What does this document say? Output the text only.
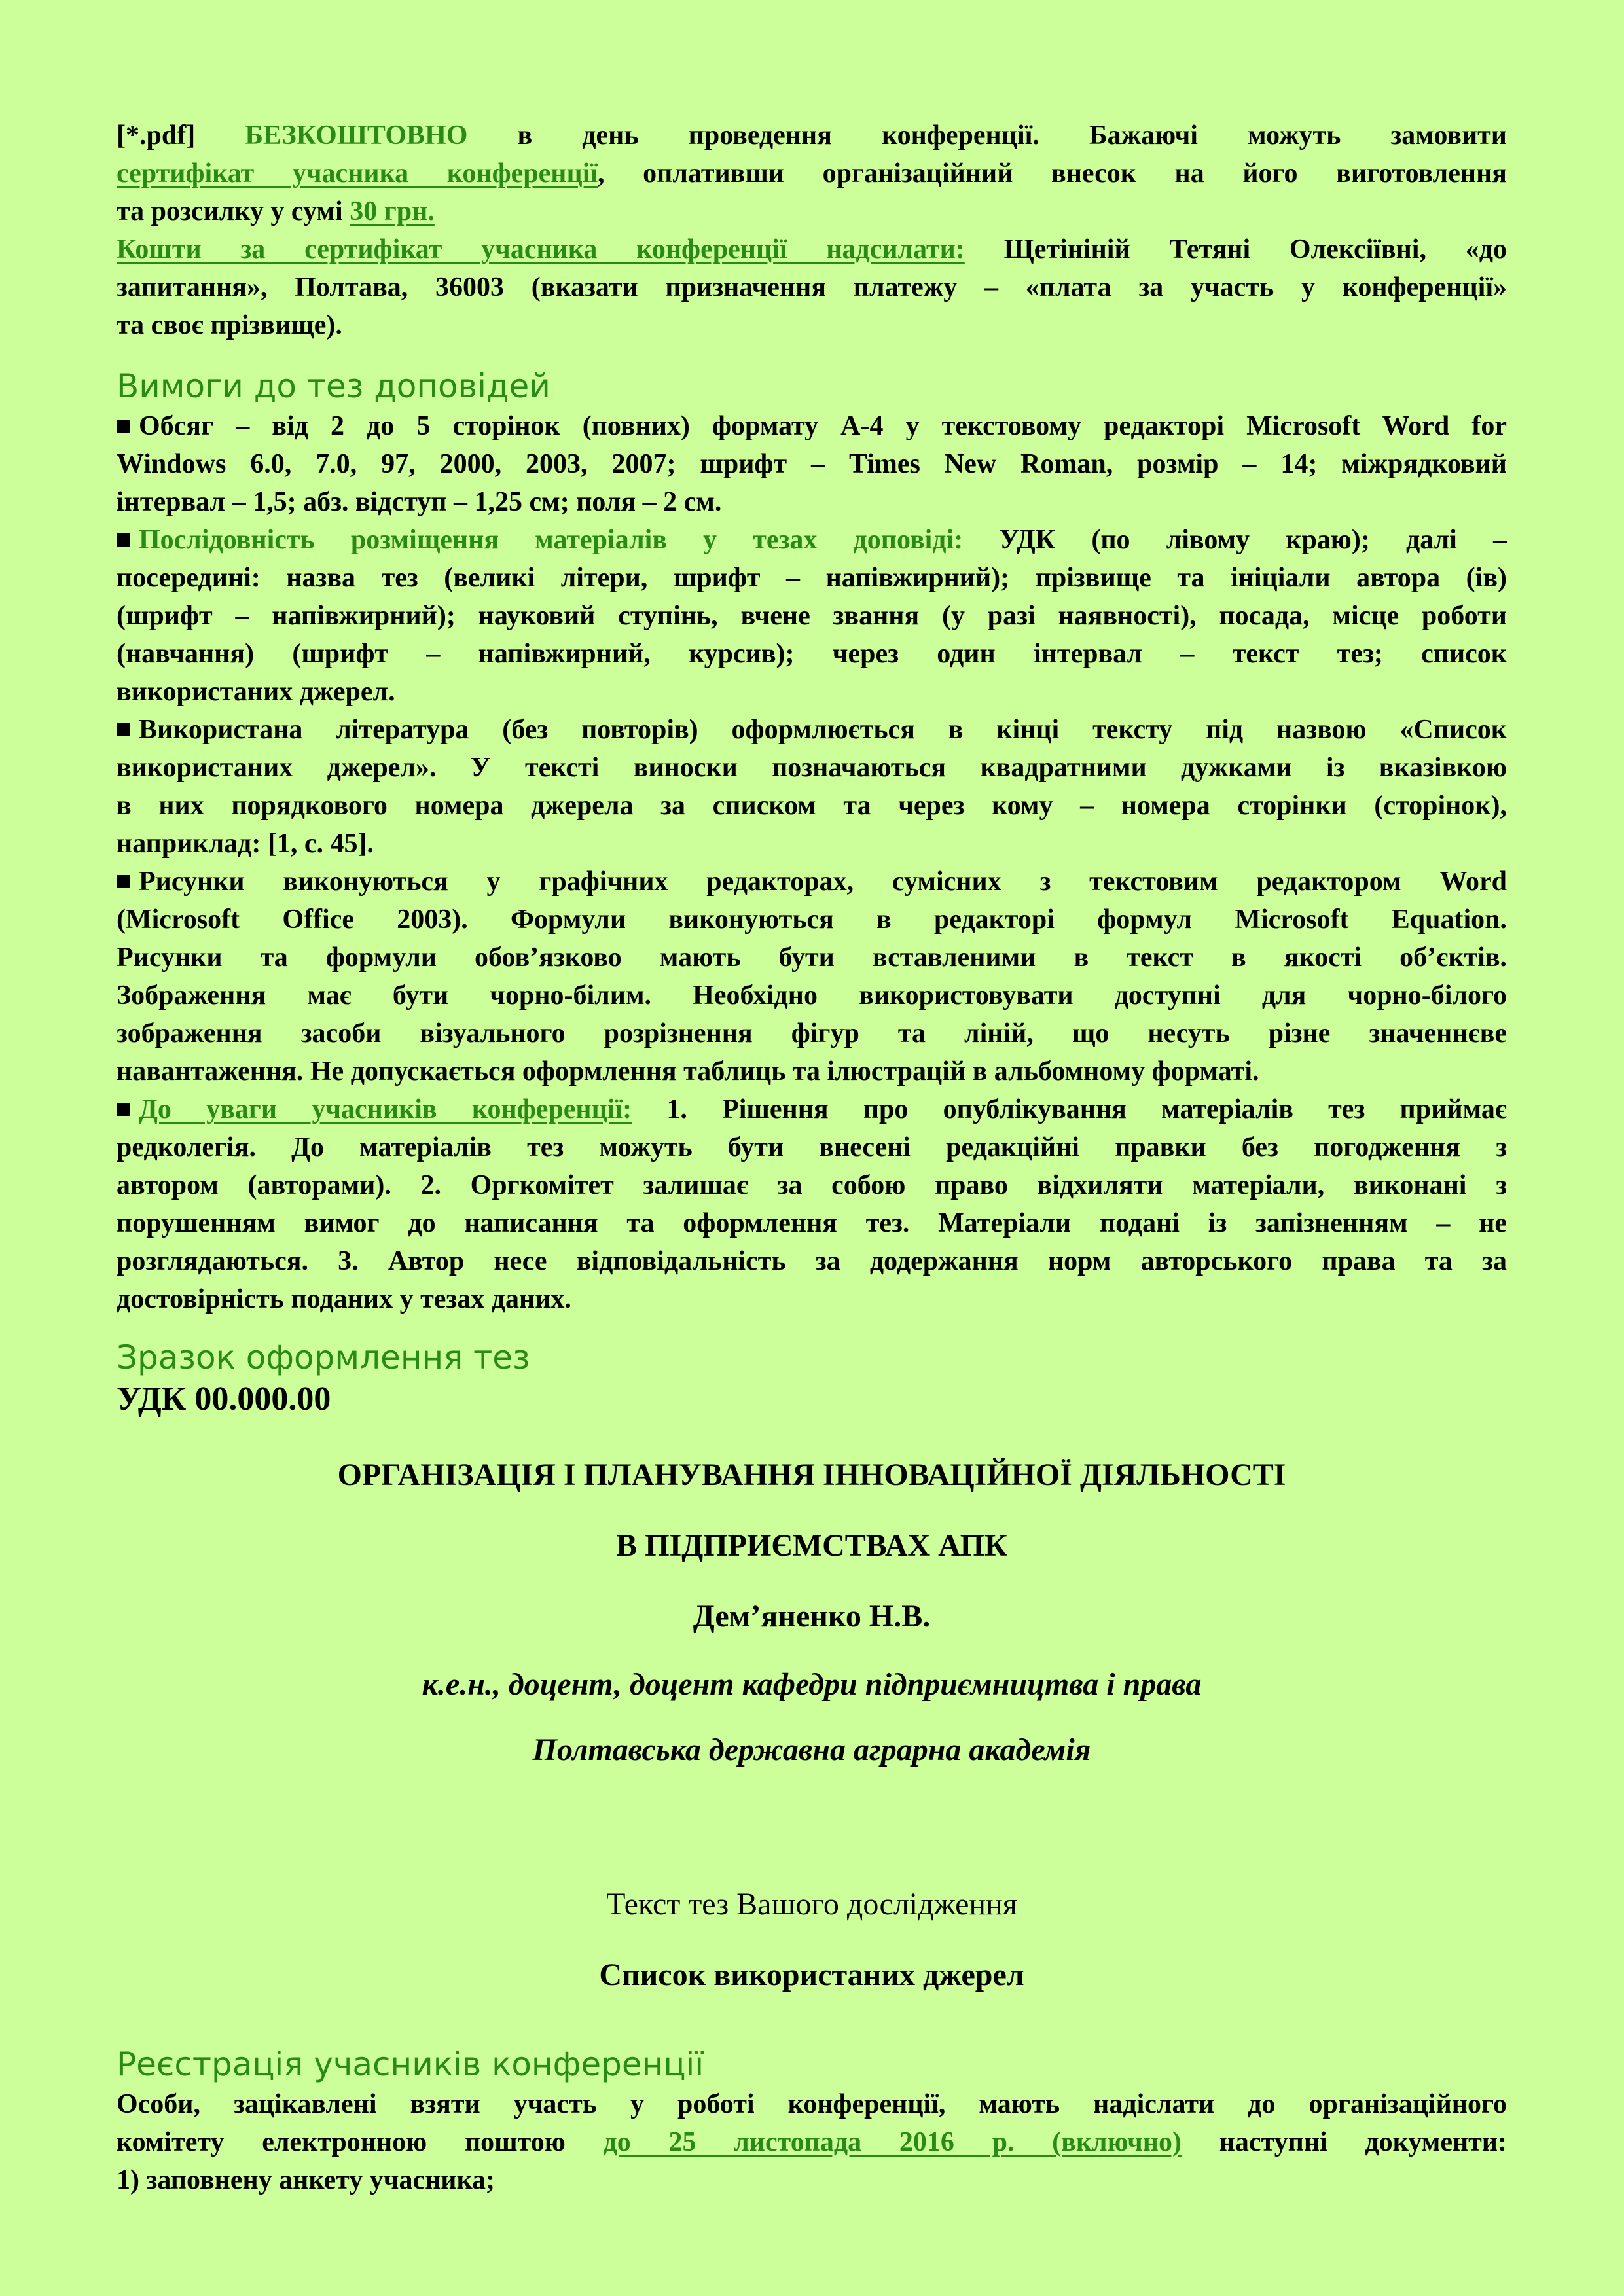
[*.pdf] БЕЗКОШТОВНО в день проведення конференції. Бажаючі можуть замовити
сертифікат учасника конференції, оплативши організаційний внесок на його виготовлення

та розсилку у сумі 30 грн.

Кошти за сертифікат учасника конференції надсилати: Щетініній Тетяні Олексіївні, «до
запитання», Полтава, 36003 (вказати призначення платежу – «плата за участь у конференції»

та своє прізвище).

Вимоги до тез доповідей

Обсяг – від 2 до 5 сторінок (повних) формату А-4 у текстовому редакторі Microsoft Word for
Windows 6.0, 7.0, 97, 2000, 2003, 2007; шрифт – Times New Roman, розмір – 14; міжрядковий

інтервал – 1,5; абз. відступ – 1,25 см; поля – 2 см.

Послідовність розміщення матеріалів у тезах доповіді: УДК (по лівому краю); далі –
посередині: назва тез (великі літери, шрифт – напівжирний); прізвище та ініціали автора (ів)
(шрифт – напівжирний); науковий ступінь, вчене звання (у разі наявності), посада, місце роботи
(навчання) (шрифт – напівжирний, курсив); через один інтервал – текст тез; список

використаних джерел.

Використана література (без повторів) оформлюється в кінці тексту під назвою «Список
використаних джерел». У тексті виноски позначаються квадратними дужками із вказівкою
в них порядкового номера джерела за списком та через кому – номера сторінки (сторінок),

наприклад: [1, с. 45].

Рисунки виконуються у графічних редакторах, сумісних з текстовим редактором Word
(Microsoft Office 2003). Формули виконуються в редакторі формул Microsoft Equation.
Рисунки та формули обов’язково мають бути вставленими в текст в якості об’єктів.
Зображення має бути чорно-білим. Необхідно використовувати доступні для чорно-білого
зображення засоби візуального розрізнення фігур та ліній, що несуть різне значеннєве

навантаження. Не допускається оформлення таблиць та ілюстрацій в альбомному форматі.

До уваги учасників конференції: 1. Рішення про опублікування матеріалів тез приймає
редколегія. До матеріалів тез можуть бути внесені редакційні правки без погодження з
автором (авторами). 2. Оргкомітет залишає за собою право відхиляти матеріали, виконані з
порушенням вимог до написання та оформлення тез. Матеріали подані із запізненням – не
розглядаються. 3. Автор несе відповідальність за додержання норм авторського права та за

достовірність поданих у тезах даних.

Зразок оформлення тез

УДК 00.000.00

ОРГАНІЗАЦІЯ І ПЛАНУВАННЯ ІННОВАЦІЙНОЇ ДІЯЛЬНОСТІ
В ПІДПРИЄМСТВАХ АПК
Дем’яненко Н.В.
к.е.н., доцент, доцент кафедри підприємництва і права
Полтавська державна аграрна академія
Текст тез Вашого дослідження
Список використаних джерел
Реєстрація учасників конференції

Особи, зацікавлені взяти участь у роботі конференції, мають надіслати до організаційного
комітету електронною поштою до 25 листопада 2016 р. (включно) наступні документи:

1) заповнену анкету учасника;
